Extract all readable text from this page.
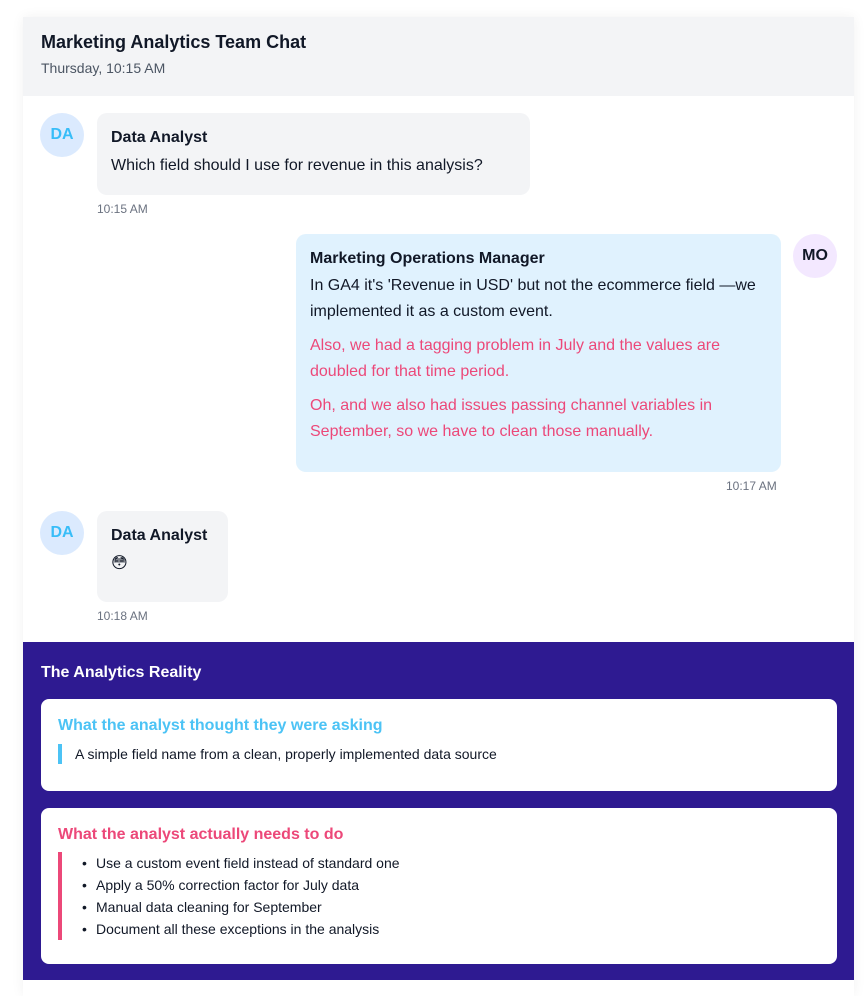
Marketing Analytics Team Chat
Thursday, 10:15 AM
DA	Data Analyst
Which field should I use for revenue in this analysis?
10:15 AM
Marketing Operations Manager
In GA4 it's 'Revenue in USD' but not the ecommerce field —we implemented it as a custom event.
Also, we had a tagging problem in July and the values are doubled for that time period.
Oh, and we also had issues passing channel variables in September, so we have to clean those manually.
MO
10:17 AM
DA	Data Analyst
😳
10:18 AM
The Analytics Reality
What the analyst thought they were asking
A simple field name from a clean, properly implemented data source
What the analyst actually needs to do
• Use a custom event field instead of standard one
• Apply a 50% correction factor for July data
• Manual data cleaning for September
• Document all these exceptions in the analysis
